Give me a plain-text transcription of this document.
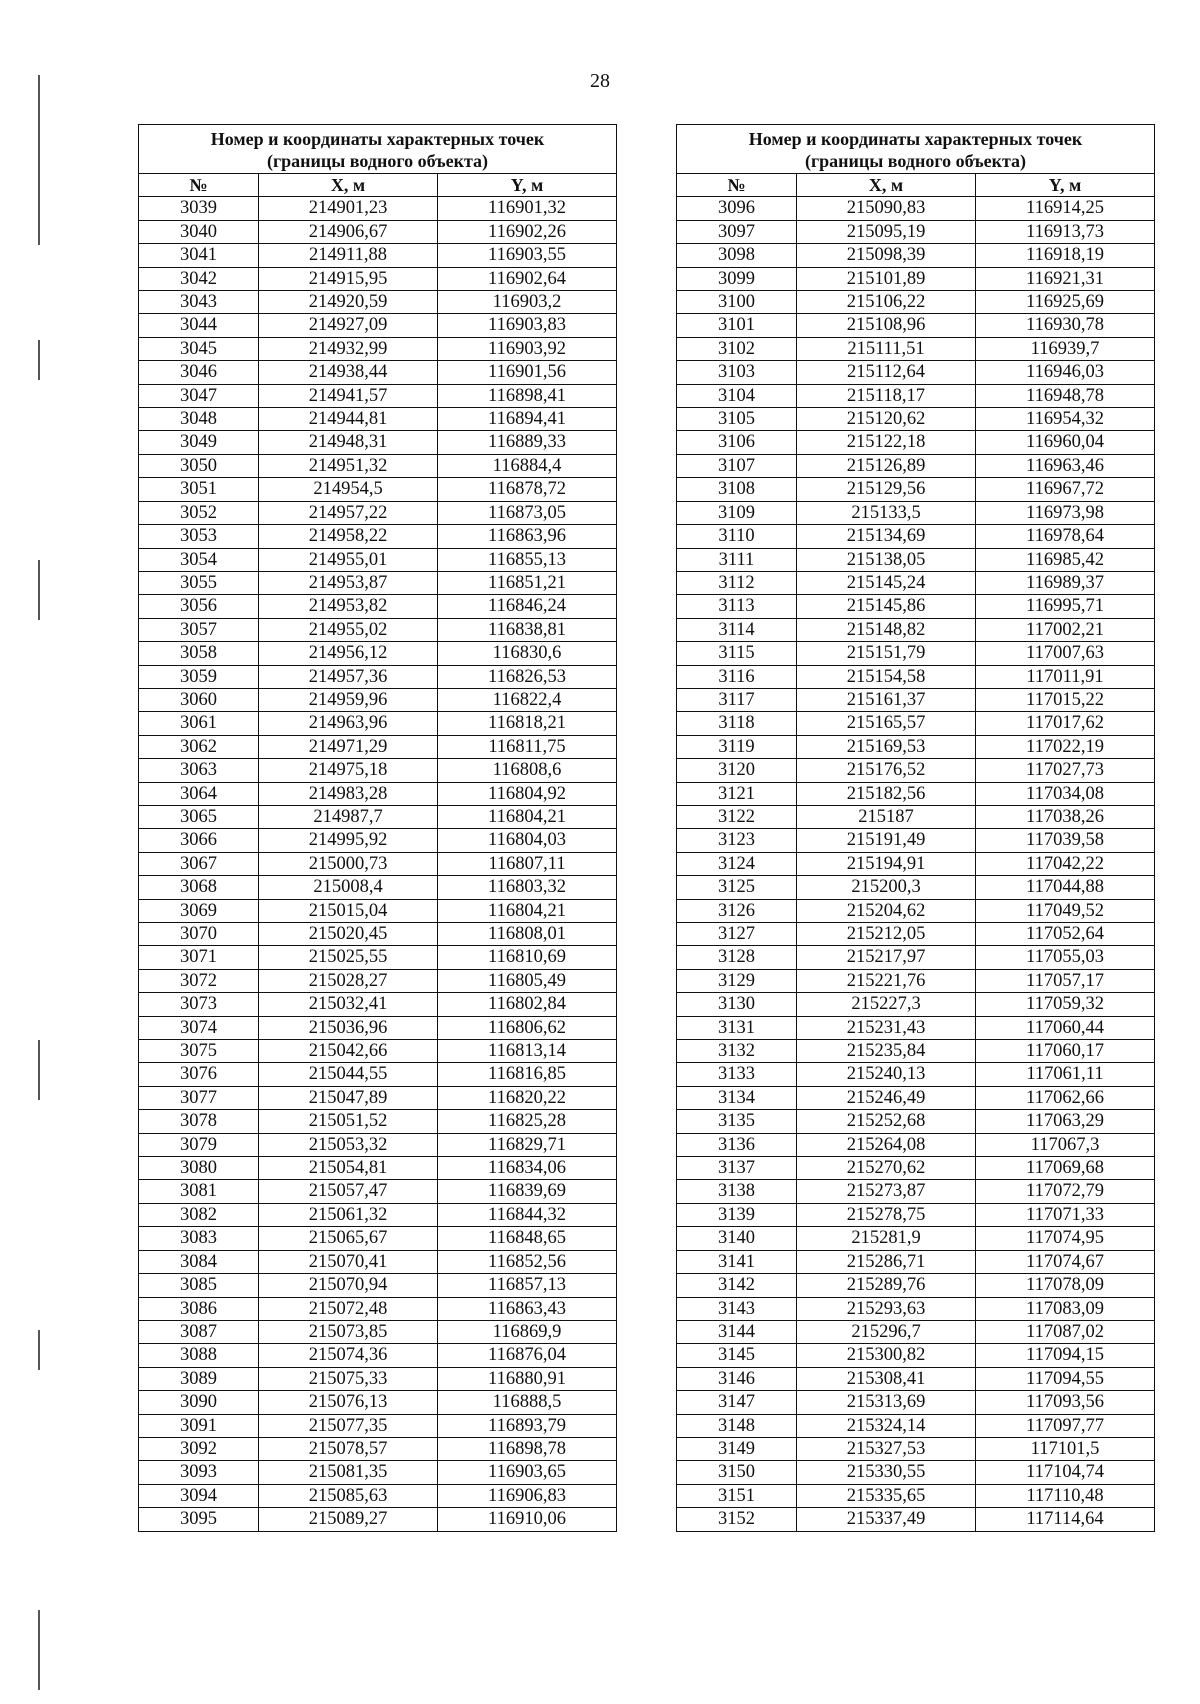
28
Номер и координаты характерных точек
(границы водного объекта)		

№	X, м	Y, м
3039	214901,23	116901,32
3040	214906,67	116902,26
3041	214911,88	116903,55
3042	214915,95	116902,64
3043	214920,59	116903,2
3044	214927,09	116903,83
3045	214932,99	116903,92
3046	214938,44	116901,56
3047	214941,57	116898,41
3048	214944,81	116894,41
3049	214948,31	116889,33
3050	214951,32	116884,4
3051	214954,5	116878,72
3052	214957,22	116873,05
3053	214958,22	116863,96
3054	214955,01	116855,13
3055	214953,87	116851,21
3056	214953,82	116846,24
3057	214955,02	116838,81
3058	214956,12	116830,6
3059	214957,36	116826,53
3060	214959,96	116822,4
3061	214963,96	116818,21
3062	214971,29	116811,75
3063	214975,18	116808,6
3064	214983,28	116804,92
3065	214987,7	116804,21
3066	214995,92	116804,03
3067	215000,73	116807,11
3068	215008,4	116803,32
3069	215015,04	116804,21
3070	215020,45	116808,01
3071	215025,55	116810,69
3072	215028,27	116805,49
3073	215032,41	116802,84
3074	215036,96	116806,62
3075	215042,66	116813,14
3076	215044,55	116816,85
3077	215047,89	116820,22
3078	215051,52	116825,28
3079	215053,32	116829,71
3080	215054,81	116834,06
3081	215057,47	116839,69
3082	215061,32	116844,32
3083	215065,67	116848,65
3084	215070,41	116852,56
3085	215070,94	116857,13
3086	215072,48	116863,43
3087	215073,85	116869,9
3088	215074,36	116876,04
3089	215075,33	116880,91
3090	215076,13	116888,5
3091	215077,35	116893,79
3092	215078,57	116898,78
3093	215081,35	116903,65
3094	215085,63	116906,83
3095	215089,27	116910,06
Номер и координаты характерных точек
(границы водного объекта)		

№	X, м	Y, м
3096	215090,83	116914,25
3097	215095,19	116913,73
3098	215098,39	116918,19
3099	215101,89	116921,31
3100	215106,22	116925,69
3101	215108,96	116930,78
3102	215111,51	116939,7
3103	215112,64	116946,03
3104	215118,17	116948,78
3105	215120,62	116954,32
3106	215122,18	116960,04
3107	215126,89	116963,46
3108	215129,56	116967,72
3109	215133,5	116973,98
3110	215134,69	116978,64
3111	215138,05	116985,42
3112	215145,24	116989,37
3113	215145,86	116995,71
3114	215148,82	117002,21
3115	215151,79	117007,63
3116	215154,58	117011,91
3117	215161,37	117015,22
3118	215165,57	117017,62
3119	215169,53	117022,19
3120	215176,52	117027,73
3121	215182,56	117034,08
3122	215187	117038,26
3123	215191,49	117039,58
3124	215194,91	117042,22
3125	215200,3	117044,88
3126	215204,62	117049,52
3127	215212,05	117052,64
3128	215217,97	117055,03
3129	215221,76	117057,17
3130	215227,3	117059,32
3131	215231,43	117060,44
3132	215235,84	117060,17
3133	215240,13	117061,11
3134	215246,49	117062,66
3135	215252,68	117063,29
3136	215264,08	117067,3
3137	215270,62	117069,68
3138	215273,87	117072,79
3139	215278,75	117071,33
3140	215281,9	117074,95
3141	215286,71	117074,67
3142	215289,76	117078,09
3143	215293,63	117083,09
3144	215296,7	117087,02
3145	215300,82	117094,15
3146	215308,41	117094,55
3147	215313,69	117093,56
3148	215324,14	117097,77
3149	215327,53	117101,5
3150	215330,55	117104,74
3151	215335,65	117110,48
3152	215337,49	117114,64
